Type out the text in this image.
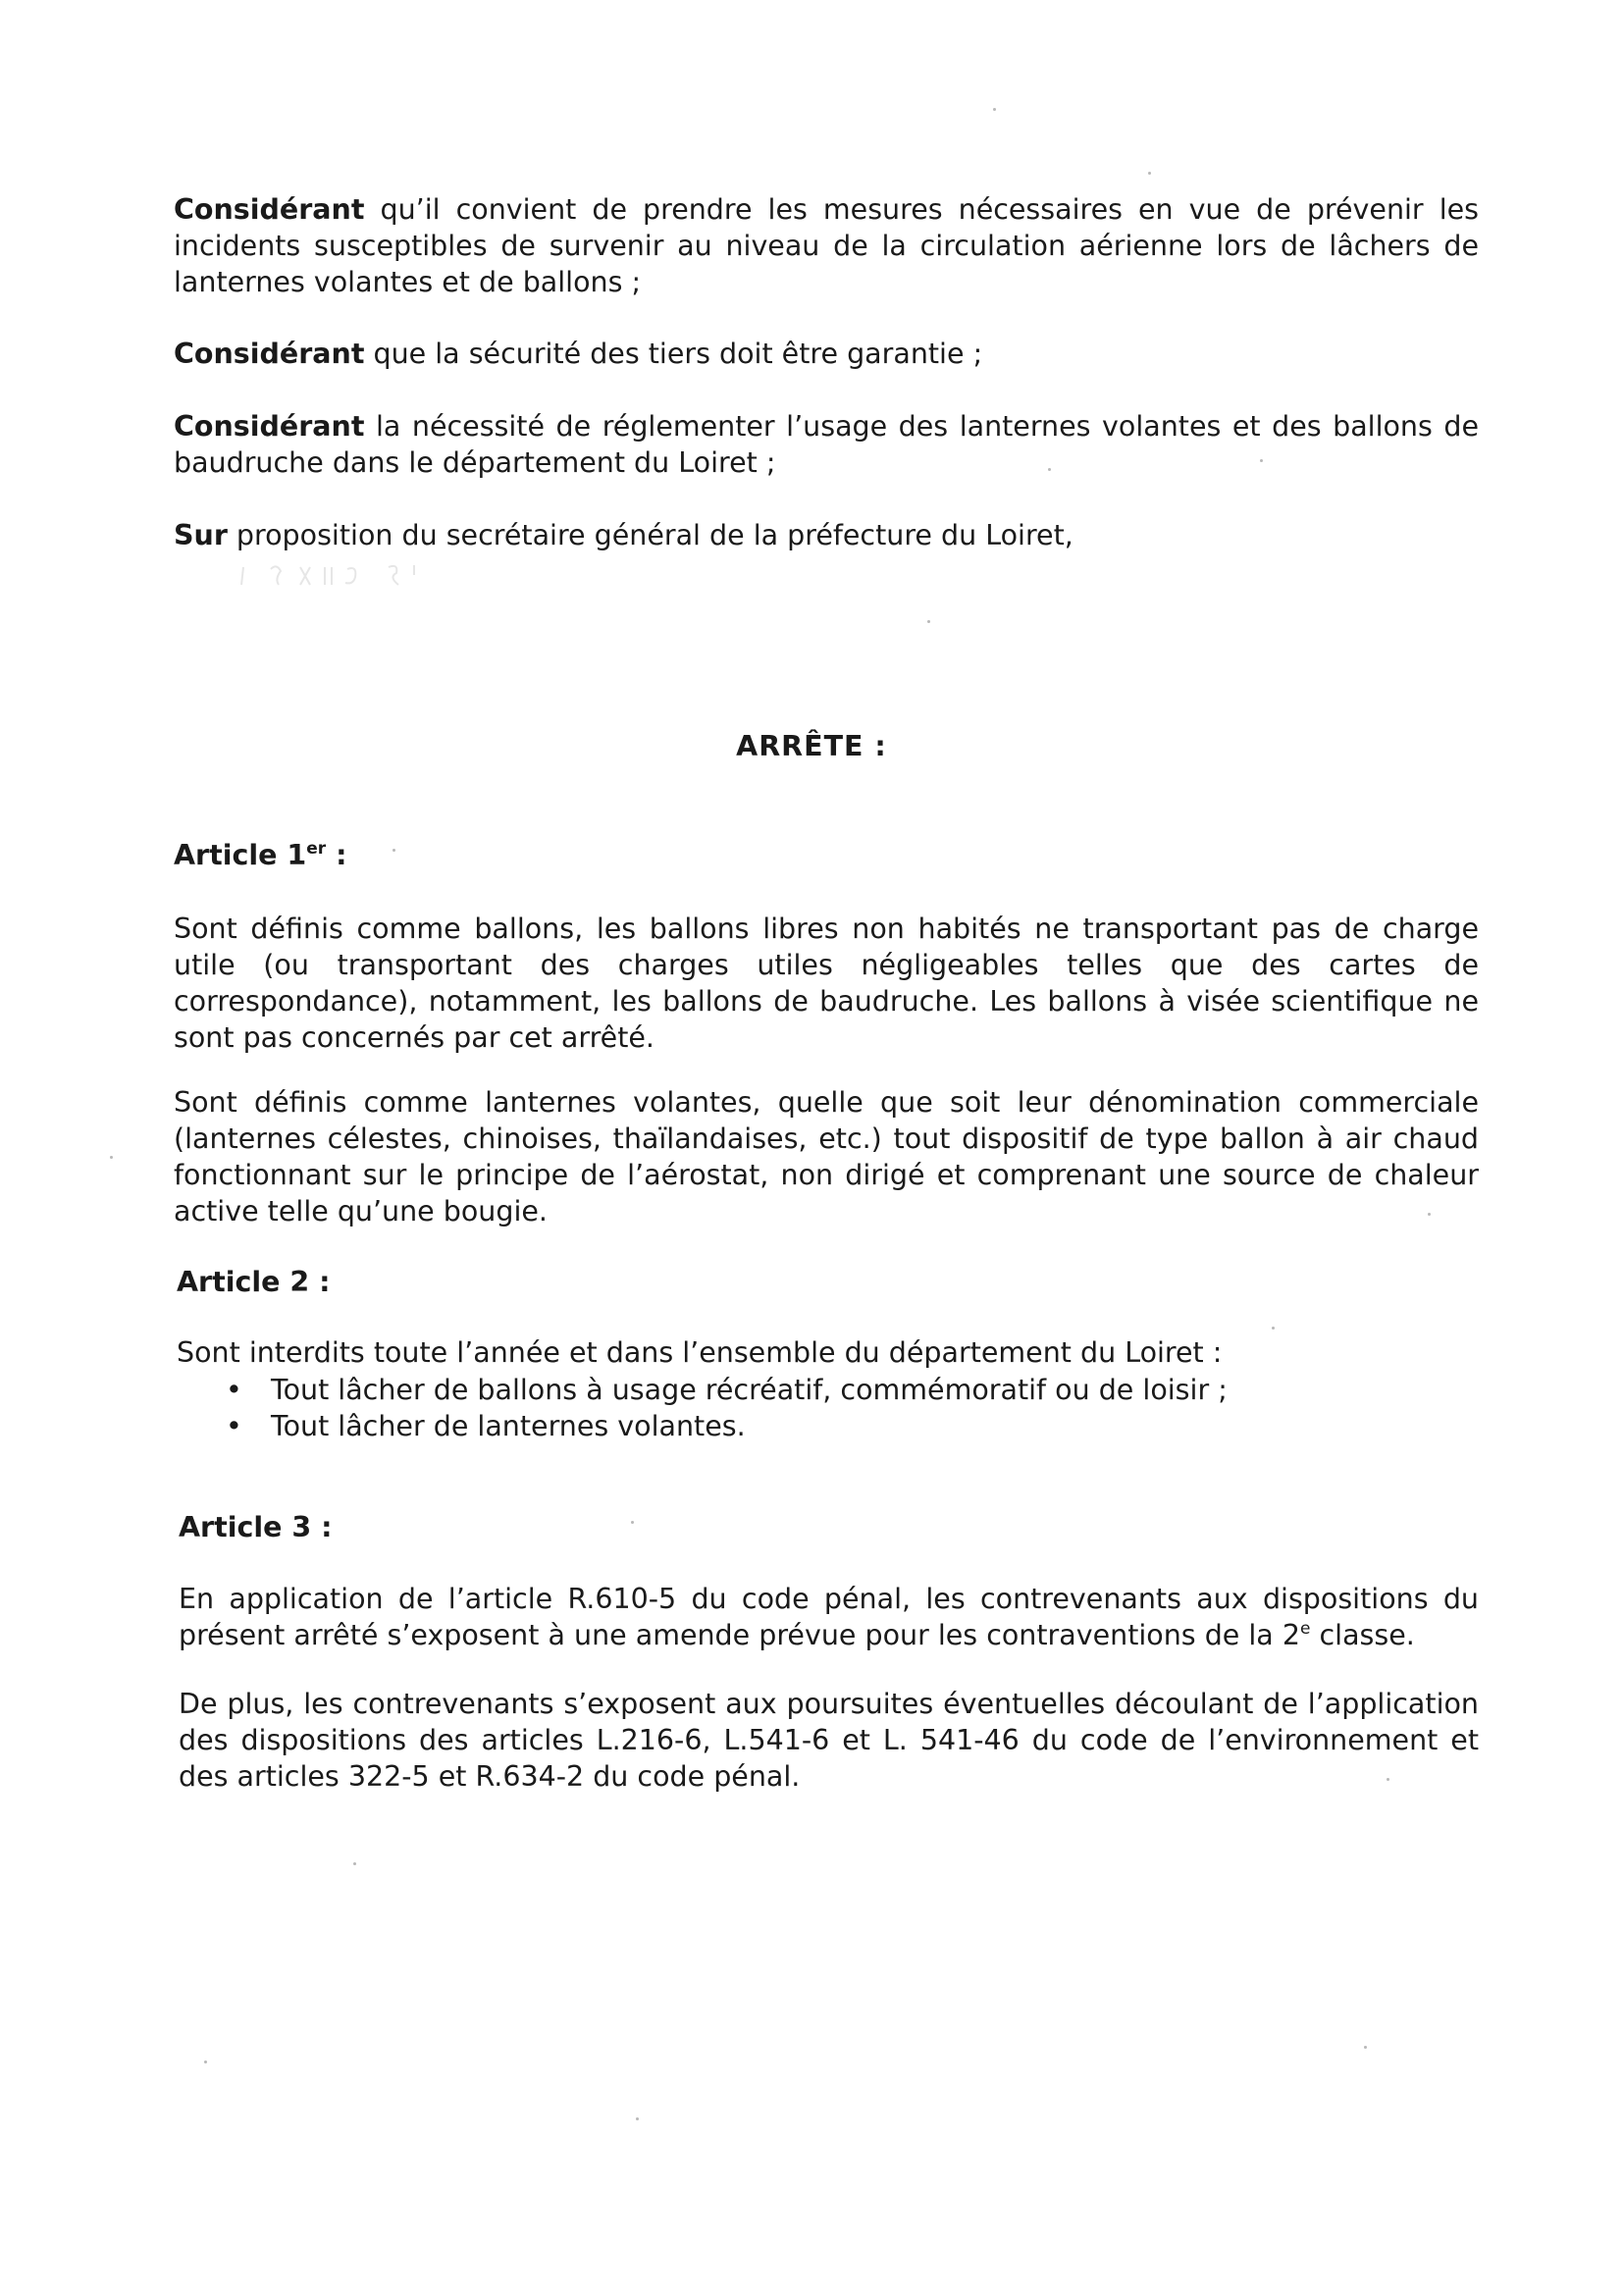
Considérant qu’il convient de prendre les mesures nécessaires en vue de prévenir les incidents susceptibles de survenir au niveau de la circulation aérienne lors de lâchers de lanternes volantes et de ballons ;

Considérant que la sécurité des tiers doit être garantie ;

Considérant la nécessité de réglementer l’usage des lanternes volantes et des ballons de baudruche dans le département du Loiret ;

Sur proposition du secrétaire général de la préfecture du Loiret,

ARRÊTE :

Article 1er :

Sont définis comme ballons, les ballons libres non habités ne transportant pas de charge utile (ou transportant des charges utiles négligeables telles que des cartes de correspondance), notamment, les ballons de baudruche. Les ballons à visée scientifique ne sont pas concernés par cet arrêté.

Sont définis comme lanternes volantes, quelle que soit leur dénomination commerciale (lanternes célestes, chinoises, thaïlandaises, etc.) tout dispositif de type ballon à air chaud fonctionnant sur le principe de l’aérostat, non dirigé et comprenant une source de chaleur active telle qu’une bougie.

Article 2 :

Sont interdits toute l’année et dans l’ensemble du département du Loiret :

• Tout lâcher de ballons à usage récréatif, commémoratif ou de loisir ;
• Tout lâcher de lanternes volantes.

Article 3 :

En application de l’article R.610-5 du code pénal, les contrevenants aux dispositions du présent arrêté s’exposent à une amende prévue pour les contraventions de la 2e classe.

De plus, les contrevenants s’exposent aux poursuites éventuelles découlant de l’application des dispositions des articles L.216-6, L.541-6 et L. 541-46 du code de l’environnement et des articles 322-5 et R.634-2 du code pénal.
